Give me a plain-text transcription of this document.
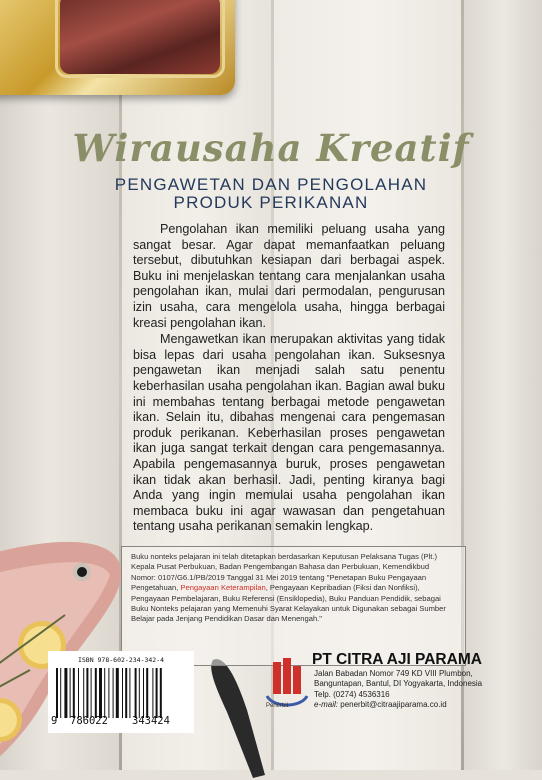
Wirausaha Kreatif
PENGAWETAN DAN PENGOLAHAN
PRODUK PERIKANAN

Pengolahan ikan memiliki peluang usaha yang sangat besar. Agar dapat memanfaatkan peluang tersebut, dibutuhkan kesiapan dari berbagai aspek. Buku ini menjelaskan tentang cara menjalankan usaha pengolahan ikan, mulai dari permodalan, pengurusan izin usaha, cara mengelola usaha, hingga berbagai kreasi pengolahan ikan.

Mengawetkan ikan merupakan aktivitas yang tidak bisa lepas dari usaha pengolahan ikan. Suksesnya pengawetan ikan menjadi salah satu penentu keberhasilan usaha pengolahan ikan. Bagian awal buku ini membahas tentang berbagai metode pengawetan ikan. Selain itu, dibahas mengenai cara pengemasan produk perikanan. Keberhasilan proses pengawetan ikan juga sangat terkait dengan cara pengemasannya. Apabila pengemasannya buruk, proses pengawetan ikan tidak akan berhasil. Jadi, penting kiranya bagi Anda yang ingin memulai usaha pengolahan ikan membaca buku ini agar wawasan dan pengetahuan tentang usaha perikanan semakin lengkap.

Buku nonteks pelajaran ini telah ditetapkan berdasarkan Keputusan Pelaksana Tugas (Plt.) Kepala Pusat Perbukuan, Badan Pengembangan Bahasa dan Perbukuan, Kemendikbud Nomor: 0107/G6.1/PB/2019 Tanggal 31 Mei 2019 tentang "Penetapan Buku Pengayaan Pengetahuan, Pengayaan Keterampilan, Pengayaan Kepribadian (Fiksi dan Nonfiksi), Pengayaan Pembelajaran, Buku Referensi (Ensiklopedia), Buku Panduan Pendidik, sebagai Buku Nonteks pelajaran yang Memenuhi Syarat Kelayakan untuk Digunakan sebagai Sumber Belajar pada Jenjang Pendidikan Dasar dan Menengah."
ISBN 978-602-234-342-4
9 786022 343424
Penerbit
PT CITRA AJI PARAMA
Jalan Babadan Nomor 749 KD VIII Plumbon,
Banguntapan, Bantul, DI Yogyakarta, Indonesia
Telp. (0274) 4536316
e-mail: penerbit@citraajiparama.co.id
